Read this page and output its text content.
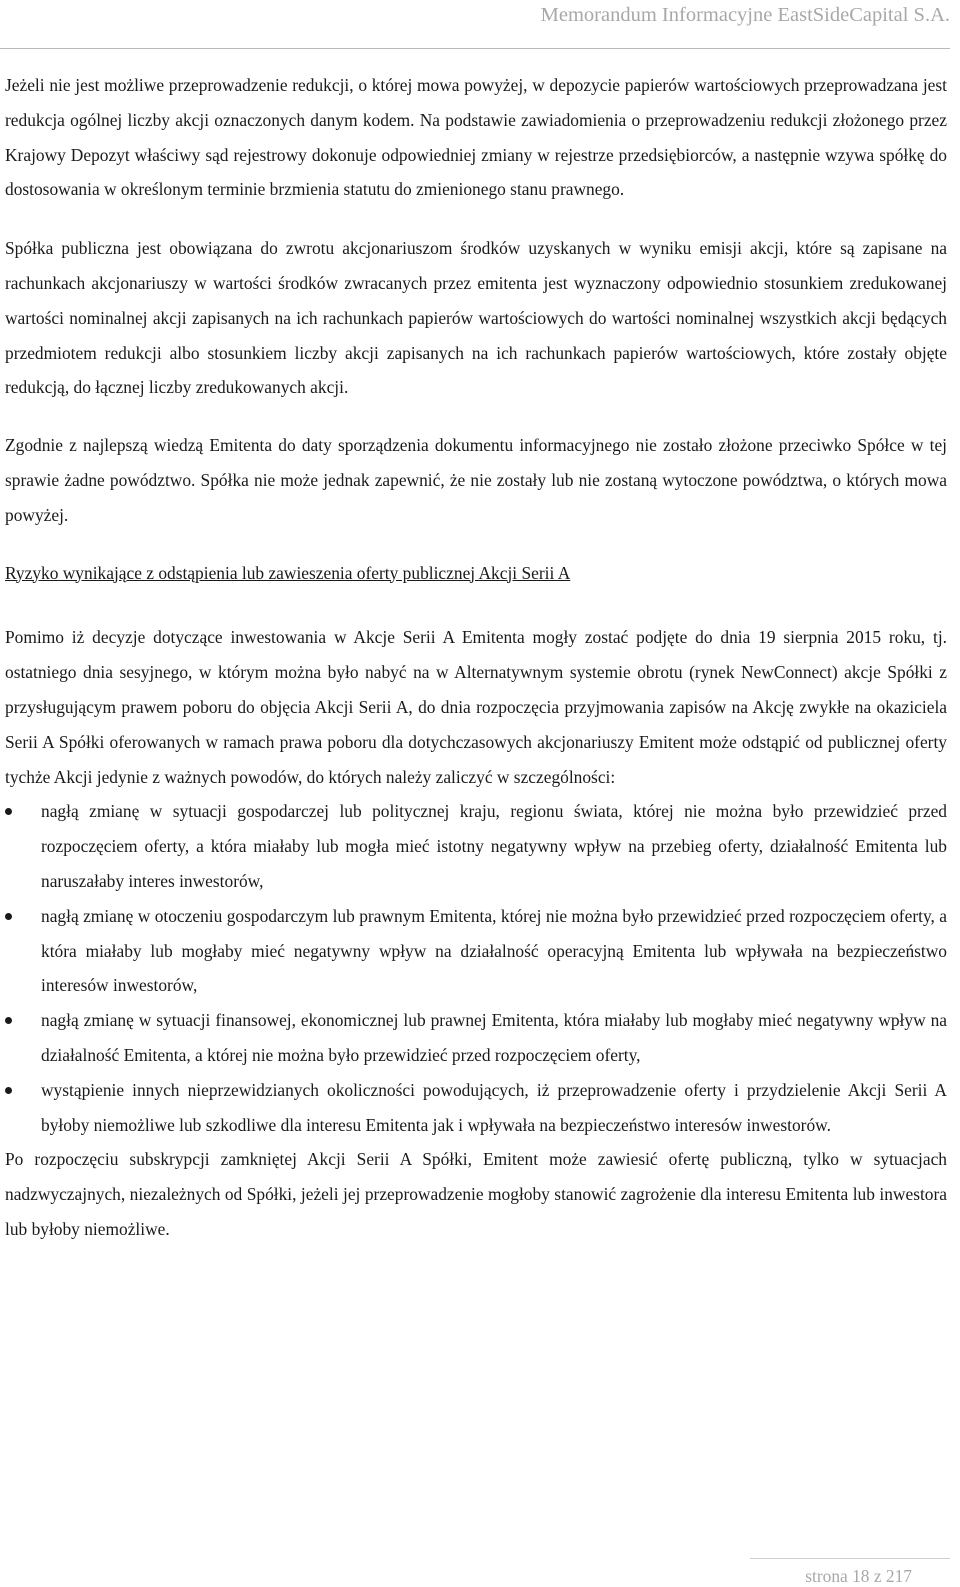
Memorandum Informacyjne EastSideCapital S.A.

Jeżeli nie jest możliwe przeprowadzenie redukcji, o której mowa powyżej, w depozycie papierów wartościowych przeprowadzana jest redukcja ogólnej liczby akcji oznaczonych danym kodem. Na podstawie zawiadomienia o przeprowadzeniu redukcji złożonego przez Krajowy Depozyt właściwy sąd rejestrowy dokonuje odpowiedniej zmiany w rejestrze przedsiębiorców, a następnie wzywa spółkę do dostosowania w określonym terminie brzmienia statutu do zmienionego stanu prawnego.

Spółka publiczna jest obowiązana do zwrotu akcjonariuszom środków uzyskanych w wyniku emisji akcji, które są zapisane na rachunkach akcjonariuszy w wartości środków zwracanych przez emitenta jest wyznaczony odpowiednio stosunkiem zredukowanej wartości nominalnej akcji zapisanych na ich rachunkach papierów wartościowych do wartości nominalnej wszystkich akcji będących przedmiotem redukcji albo stosunkiem liczby akcji zapisanych na ich rachunkach papierów wartościowych, które zostały objęte redukcją, do łącznej liczby zredukowanych akcji.

Zgodnie z najlepszą wiedzą Emitenta do daty sporządzenia dokumentu informacyjnego nie zostało złożone przeciwko Spółce w tej sprawie żadne powództwo. Spółka nie może jednak zapewnić, że nie zostały lub nie zostaną wytoczone powództwa, o których mowa powyżej.

Ryzyko wynikające z odstąpienia lub zawieszenia oferty publicznej Akcji Serii A

Pomimo iż decyzje dotyczące inwestowania w Akcje Serii A Emitenta mogły zostać podjęte do dnia 19 sierpnia 2015 roku, tj. ostatniego dnia sesyjnego, w którym można było nabyć na w Alternatywnym systemie obrotu (rynek NewConnect) akcje Spółki z przysługującym prawem poboru do objęcia Akcji Serii A, do dnia rozpoczęcia przyjmowania zapisów na Akcję zwykłe na okaziciela Serii A Spółki oferowanych w ramach prawa poboru dla dotychczasowych akcjonariuszy Emitent może odstąpić od publicznej oferty tychże Akcji jedynie z ważnych powodów, do których należy zaliczyć w szczególności:

nagłą zmianę w sytuacji gospodarczej lub politycznej kraju, regionu świata, której nie można było przewidzieć przed rozpoczęciem oferty, a która miałaby lub mogła mieć istotny negatywny wpływ na przebieg oferty, działalność Emitenta lub naruszałaby interes inwestorów,
nagłą zmianę w otoczeniu gospodarczym lub prawnym Emitenta, której nie można było przewidzieć przed rozpoczęciem oferty, a która miałaby lub mogłaby mieć negatywny wpływ na działalność operacyjną Emitenta lub wpływała na bezpieczeństwo interesów inwestorów,
nagłą zmianę w sytuacji finansowej, ekonomicznej lub prawnej Emitenta, która miałaby lub mogłaby mieć negatywny wpływ na działalność Emitenta, a której nie można było przewidzieć przed rozpoczęciem oferty,
wystąpienie innych nieprzewidzianych okoliczności powodujących, iż przeprowadzenie oferty i przydzielenie Akcji Serii A byłoby niemożliwe lub szkodliwe dla interesu Emitenta jak i wpływała na bezpieczeństwo interesów inwestorów.

Po rozpoczęciu subskrypcji zamkniętej Akcji Serii A Spółki, Emitent może zawiesić ofertę publiczną, tylko w sytuacjach nadzwyczajnych, niezależnych od Spółki, jeżeli jej przeprowadzenie mogłoby stanowić zagrożenie dla interesu Emitenta lub inwestora lub byłoby niemożliwe.

strona 18 z 217
